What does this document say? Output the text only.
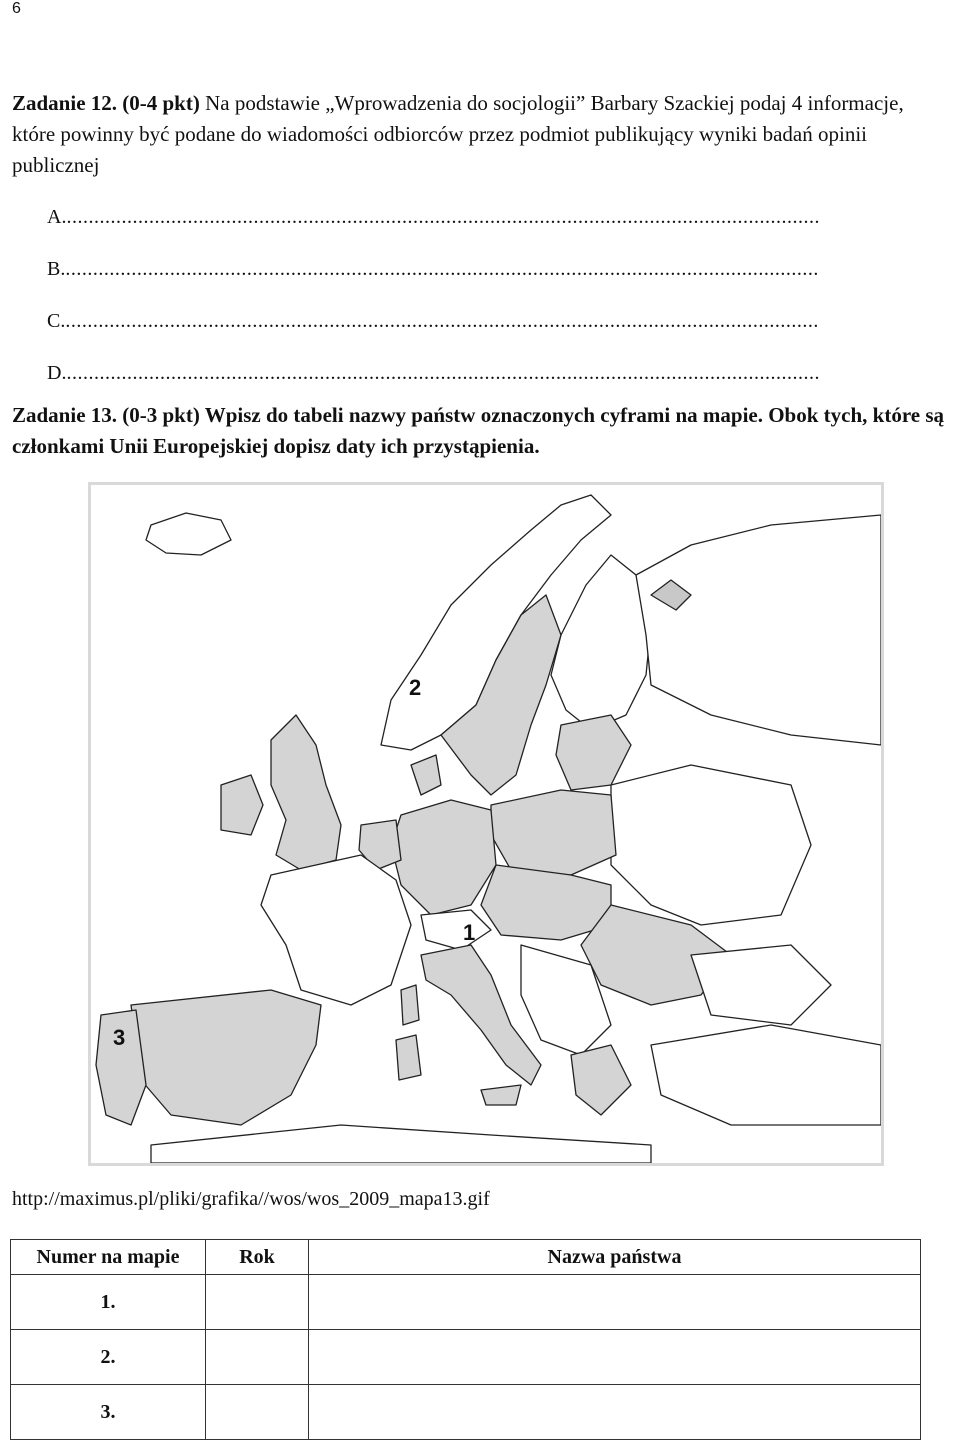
6
Zadanie 12. (0-4 pkt) Na podstawie „Wprowadzenia do socjologii” Barbary Szackiej podaj 4 informacje, które powinny być podane do wiadomości odbiorców przez podmiot publikujący wyniki badań opinii publicznej
A..........................................................................................................................................
B..........................................................................................................................................
C..........................................................................................................................................
D..........................................................................................................................................
Zadanie 13. (0-3 pkt) Wpisz do tabeli nazwy państw oznaczonych cyframi na mapie. Obok tych, które są członkami Unii Europejskiej dopisz daty ich przystąpienia.
1
2
3
http://maximus.pl/pliki/grafika//wos/wos_2009_mapa13.gif
Numer na mapie	Rok	Nazwa państwa
1.		
2.		
3.		
